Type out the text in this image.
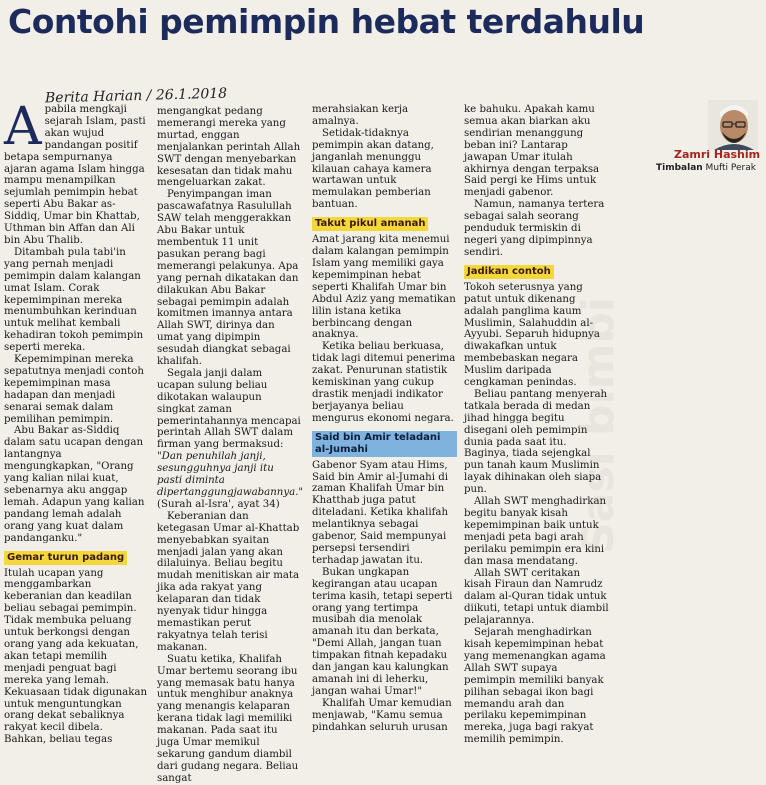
Contohi pemimpin hebat terdahulu
Berita Harian / 26.1.2018

Apabila mengkaji sejarah Islam, pasti akan wujud pandangan positif betapa sempurnanya ajaran agama Islam hingga mampu menampilkan sejumlah pemimpin hebat seperti Abu Bakar as-Siddiq, Umar bin Khattab, Uthman bin Affan dan Ali bin Abu Thalib.

Ditambah pula tabi'in yang pernah menjadi pemimpin dalam kalangan umat Islam. Corak kepemimpinan mereka menumbuhkan kerinduan untuk melihat kembali kehadiran tokoh pemimpin seperti mereka.

Kepemimpinan mereka sepatutnya menjadi contoh kepemimpinan masa hadapan dan menjadi senarai semak dalam pemilihan pemimpin.

Abu Bakar as-Siddiq dalam satu ucapan dengan lantangnya mengungkapkan, "Orang yang kalian nilai kuat, sebenarnya aku anggap lemah. Adapun yang kalian pandang lemah adalah orang yang kuat dalam pandanganku."

Gemar turun padang

Itulah ucapan yang menggambarkan keberanian dan keadilan beliau sebagai pemimpin. Tidak membuka peluang untuk berkongsi dengan orang yang ada kekuatan, akan tetapi memilih menjadi penguat bagi mereka yang lemah. Kekuasaan tidak digunakan untuk menguntungkan orang dekat sebaliknya rakyat kecil dibela. Bahkan, beliau tegas

mengangkat pedang memerangi mereka yang murtad, enggan menjalankan perintah Allah SWT dengan menyebarkan kesesatan dan tidak mahu mengeluarkan zakat.

Penyimpangan iman pascawafatnya Rasulullah SAW telah menggerakkan Abu Bakar untuk membentuk 11 unit pasukan perang bagi memerangi pelakunya. Apa yang pernah dikatakan dan dilakukan Abu Bakar sebagai pemimpin adalah komitmen imannya antara Allah SWT, dirinya dan umat yang dipimpin sesudah diangkat sebagai khalifah.

Segala janji dalam ucapan sulung beliau dikotakan walaupun singkat zaman pemerintahannya mencapai perintah Allah SWT dalam firman yang bermaksud: "Dan penuhilah janji, sesungguhnya janji itu pasti diminta dipertanggungjawabannya." (Surah al-Isra', ayat 34)

Keberanian dan ketegasan Umar al-Khattab menyebabkan syaitan menjadi jalan yang akan dilaluinya. Beliau begitu mudah menitiskan air mata jika ada rakyat yang kelaparan dan tidak nyenyak tidur hingga memastikan perut rakyatnya telah terisi makanan.

Suatu ketika, Khalifah Umar bertemu seorang ibu yang memasak batu hanya untuk menghibur anaknya yang menangis kelaparan kerana tidak lagi memiliki makanan. Pada saat itu juga Umar memikul sekarung gandum diambil dari gudang negara. Beliau sangat

merahsiakan kerja amalnya.

Setidak-tidaknya pemimpin akan datang, janganlah menunggu kilauan cahaya kamera wartawan untuk memulakan pemberian bantuan.

Takut pikul amanah

Amat jarang kita menemui dalam kalangan pemimpin Islam yang memiliki gaya kepemimpinan hebat seperti Khalifah Umar bin Abdul Aziz yang mematikan lilin istana ketika berbincang dengan anaknya.

Ketika beliau berkuasa, tidak lagi ditemui penerima zakat. Penurunan statistik kemiskinan yang cukup drastik menjadi indikator berjayanya beliau mengurus ekonomi negara.

Said bin Amir teladani al-Jumahi

Gabenor Syam atau Hims, Said bin Amir al-Jumahi di zaman Khalifah Umar bin Khatthab juga patut diteladani. Ketika khalifah melantiknya sebagai gabenor, Said mempunyai persepsi tersendiri terhadap jawatan itu.

Bukan ungkapan kegirangan atau ucapan terima kasih, tetapi seperti orang yang tertimpa musibah dia menolak amanah itu dan berkata, "Demi Allah, jangan tuan timpakan fitnah kepadaku dan jangan kau kalungkan amanah ini di leherku, jangan wahai Umar!"

Khalifah Umar kemudian menjawab, "Kamu semua pindahkan seluruh urusan

ke bahuku. Apakah kamu semua akan biarkan aku sendirian menanggung beban ini? Lantarap jawapan Umar itulah akhirnya dengan terpaksa Said pergi ke Hims untuk menjadi gabenor.

Namun, namanya tertera sebagai salah seorang penduduk termiskin di negeri yang dipimpinnya sendiri.

Jadikan contoh

Tokoh seterusnya yang patut untuk dikenang adalah panglima kaum Muslimin, Salahuddin al-Ayyubi. Separuh hidupnya diwakafkan untuk membebaskan negara Muslim daripada cengkaman penindas.

Beliau pantang menyerah tatkala berada di medan jihad hingga begitu disegani oleh pemimpin dunia pada saat itu. Baginya, tiada sejengkal pun tanah kaum Muslimin layak dihinakan oleh siapa pun.

Allah SWT menghadirkan begitu banyak kisah kepemimpinan baik untuk menjadi peta bagi arah perilaku pemimpin era kini dan masa mendatang.

Allah SWT ceritakan kisah Firaun dan Namrudz dalam al-Quran tidak untuk diikuti, tetapi untuk diambil pelajarannya.

Sejarah menghadirkan kisah kepemimpinan hebat yang memenangkan agama Allah SWT supaya pemimpin memiliki banyak pilihan sebagai ikon bagi memandu arah dan perilaku kepemimpinan mereka, juga bagi rakyat memilih pemimpin.

Zamri Hashim
Timbalan Mufti Perak
Sasi bimbi
